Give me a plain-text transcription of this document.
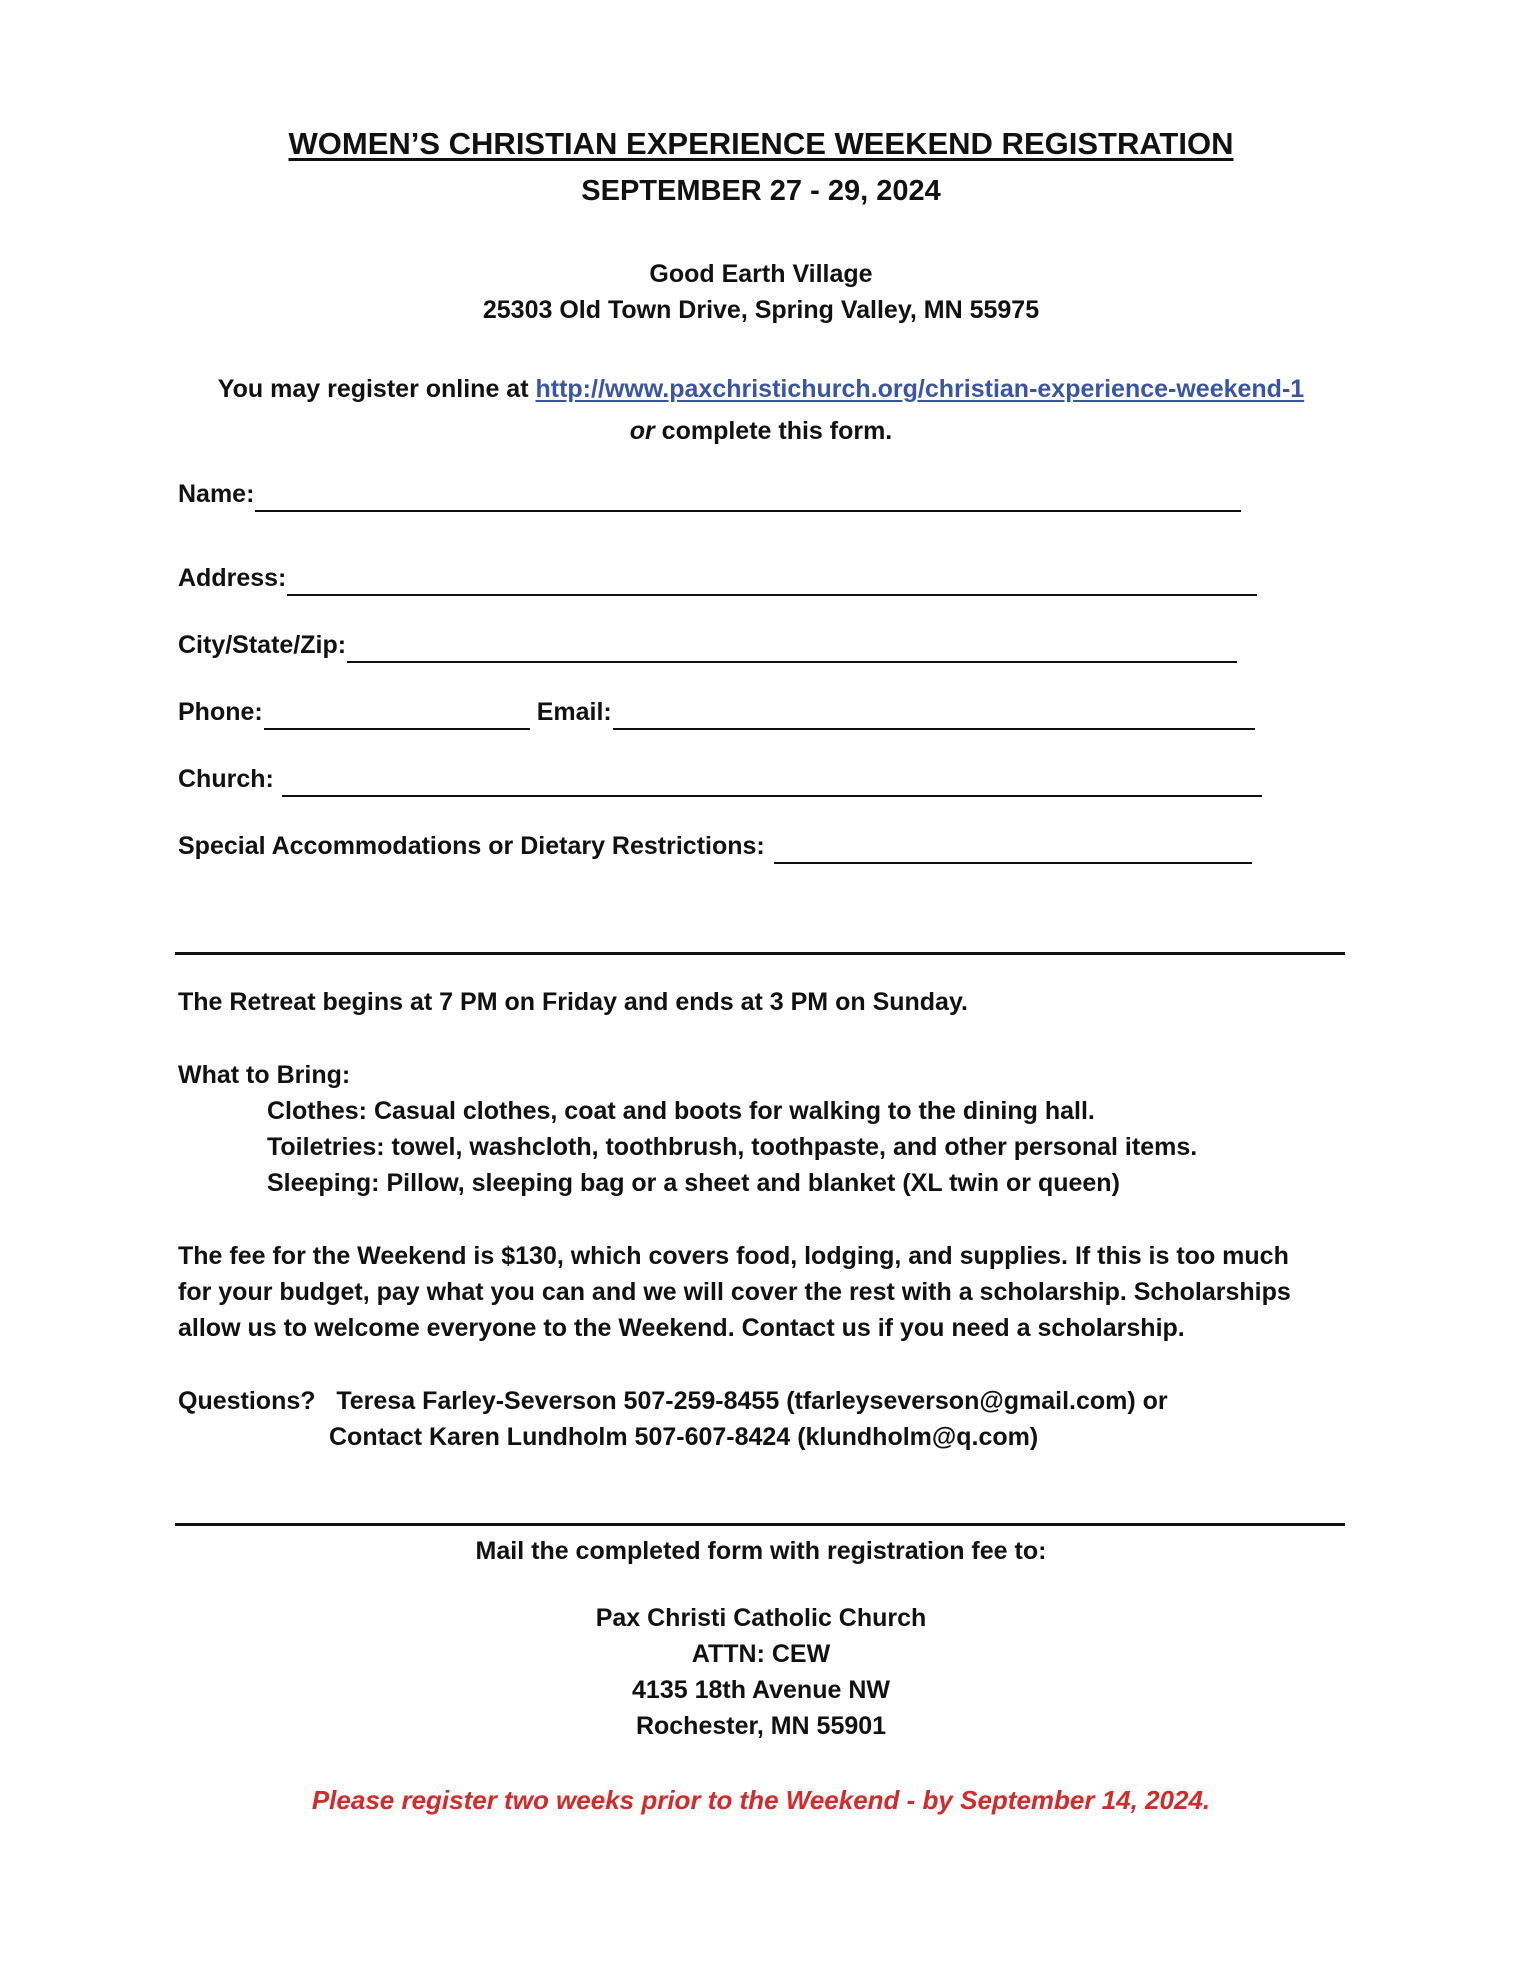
WOMEN’S CHRISTIAN EXPERIENCE WEEKEND REGISTRATION
SEPTEMBER 27 - 29, 2024
Good Earth Village
25303 Old Town Drive, Spring Valley, MN 55975
You may register online at http://www.paxchristichurch.org/christian-experience-weekend-1
or complete this form.
Name:
Address:
City/State/Zip:
Phone:	Email:
Church:
Special Accommodations or Dietary Restrictions:
The Retreat begins at 7 PM on Friday and ends at 3 PM on Sunday.
What to Bring:
Clothes: Casual clothes, coat and boots for walking to the dining hall.
Toiletries: towel, washcloth, toothbrush, toothpaste, and other personal items.
Sleeping: Pillow, sleeping bag or a sheet and blanket (XL twin or queen)
The fee for the Weekend is $130, which covers food, lodging, and supplies. If this is too much
for your budget, pay what you can and we will cover the rest with a scholarship. Scholarships
allow us to welcome everyone to the Weekend. Contact us if you need a scholarship.
Questions? Teresa Farley-Severson 507-259-8455 (tfarleyseverson@gmail.com) or
Contact Karen Lundholm 507-607-8424 (klundholm@q.com)
Mail the completed form with registration fee to:
Pax Christi Catholic Church
ATTN: CEW
4135 18th Avenue NW
Rochester, MN 55901
Please register two weeks prior to the Weekend - by September 14, 2024.
